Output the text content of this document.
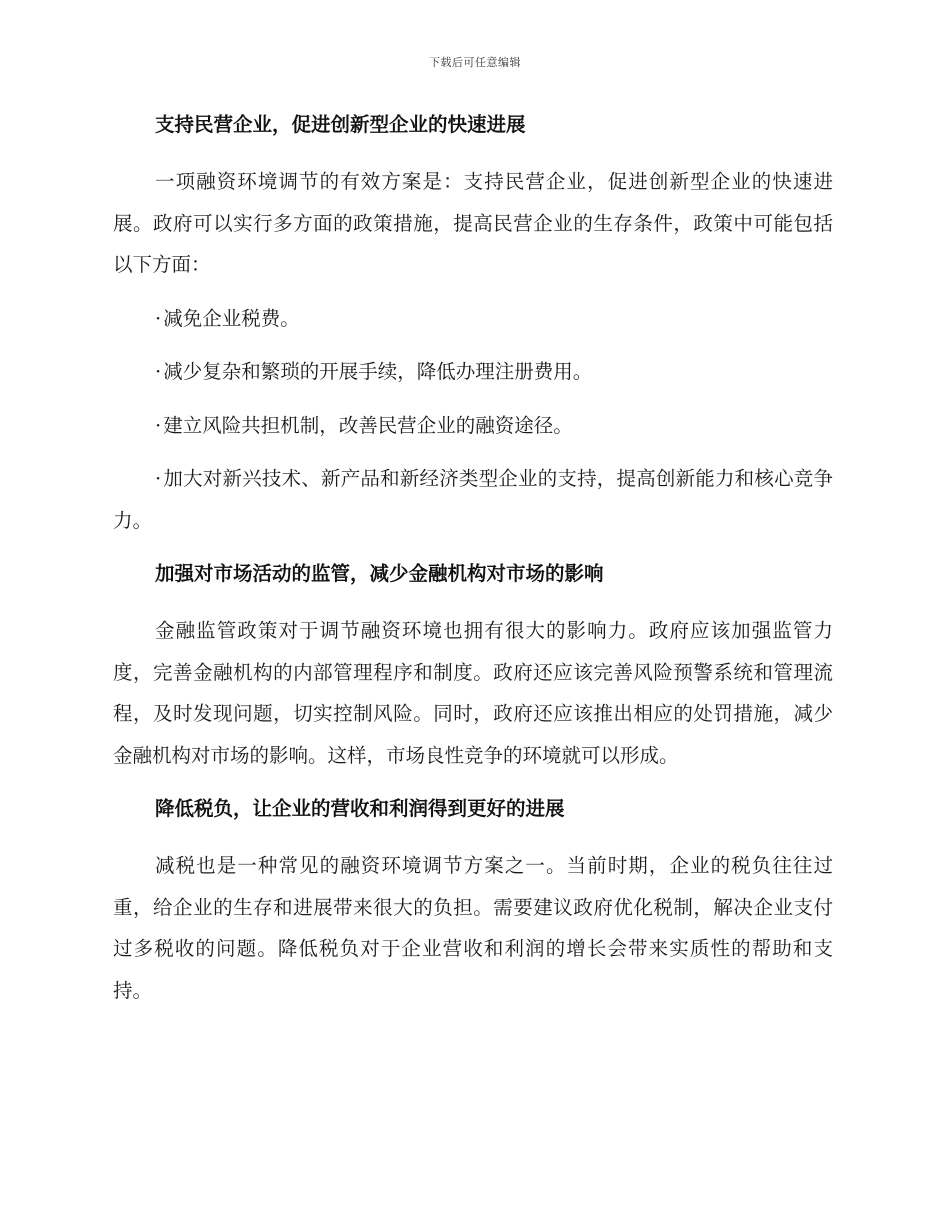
下载后可任意编辑
支持民营企业，促进创新型企业的快速进展

一项融资环境调节的有效方案是：支持民营企业，促进创新型企业的快速进展。政府可以实行多方面的政策措施，提高民营企业的生存条件，政策中可能包括以下方面：

· 减免企业税费。

· 减少复杂和繁琐的开展手续，降低办理注册费用。

· 建立风险共担机制，改善民营企业的融资途径。

· 加大对新兴技术、新产品和新经济类型企业的支持，提高创新能力和核心竞争力。

加强对市场活动的监管，减少金融机构对市场的影响

金融监管政策对于调节融资环境也拥有很大的影响力。政府应该加强监管力度，完善金融机构的内部管理程序和制度。政府还应该完善风险预警系统和管理流程，及时发现问题，切实控制风险。同时，政府还应该推出相应的处罚措施，减少金融机构对市场的影响。这样，市场良性竞争的环境就可以形成。

降低税负，让企业的营收和利润得到更好的进展

减税也是一种常见的融资环境调节方案之一。当前时期，企业的税负往往过重，给企业的生存和进展带来很大的负担。需要建议政府优化税制，解决企业支付过多税收的问题。降低税负对于企业营收和利润的增长会带来实质性的帮助和支持。
